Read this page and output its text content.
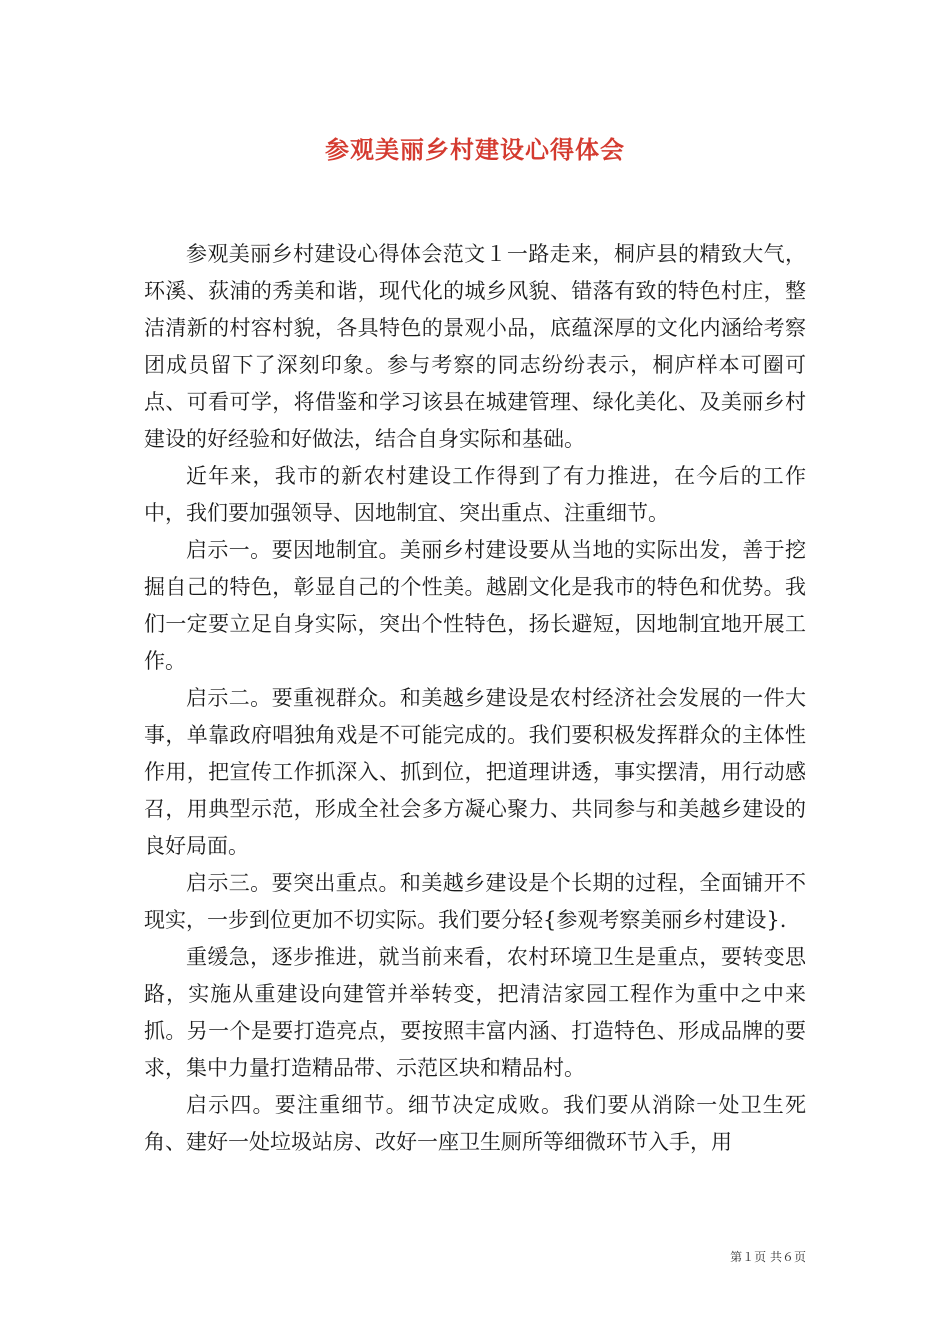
参观美丽乡村建设心得体会

参观美丽乡村建设心得体会范文１一路走来，桐庐县的精致大气，环溪、荻浦的秀美和谐，现代化的城乡风貌、错落有致的特色村庄，整洁清新的村容村貌，各具特色的景观小品，底蕴深厚的文化内涵给考察团成员留下了深刻印象。参与考察的同志纷纷表示，桐庐样本可圈可点、可看可学，将借鉴和学习该县在城建管理、绿化美化、及美丽乡村建设的好经验和好做法，结合自身实际和基础。

近年来，我市的新农村建设工作得到了有力推进，在今后的工作中，我们要加强领导、因地制宜、突出重点、注重细节。

启示一。要因地制宜。美丽乡村建设要从当地的实际出发，善于挖掘自己的特色，彰显自己的个性美。越剧文化是我市的特色和优势。我们一定要立足自身实际，突出个性特色，扬长避短，因地制宜地开展工作。

启示二。要重视群众。和美越乡建设是农村经济社会发展的一件大事，单靠政府唱独角戏是不可能完成的。我们要积极发挥群众的主体性作用，把宣传工作抓深入、抓到位，把道理讲透，事实摆清，用行动感召，用典型示范，形成全社会多方凝心聚力、共同参与和美越乡建设的良好局面。

启示三。要突出重点。和美越乡建设是个长期的过程，全面铺开不现实，一步到位更加不切实际。我们要分轻{参观考察美丽乡村建设}.

重缓急，逐步推进，就当前来看，农村环境卫生是重点，要转变思路，实施从重建设向建管并举转变，把清洁家园工程作为重中之中来抓。另一个是要打造亮点，要按照丰富内涵、打造特色、形成品牌的要求，集中力量打造精品带、示范区块和精品村。

启示四。要注重细节。细节决定成败。我们要从消除一处卫生死角、建好一处垃圾站房、改好一座卫生厕所等细微环节入手，用

第１页 共６页
